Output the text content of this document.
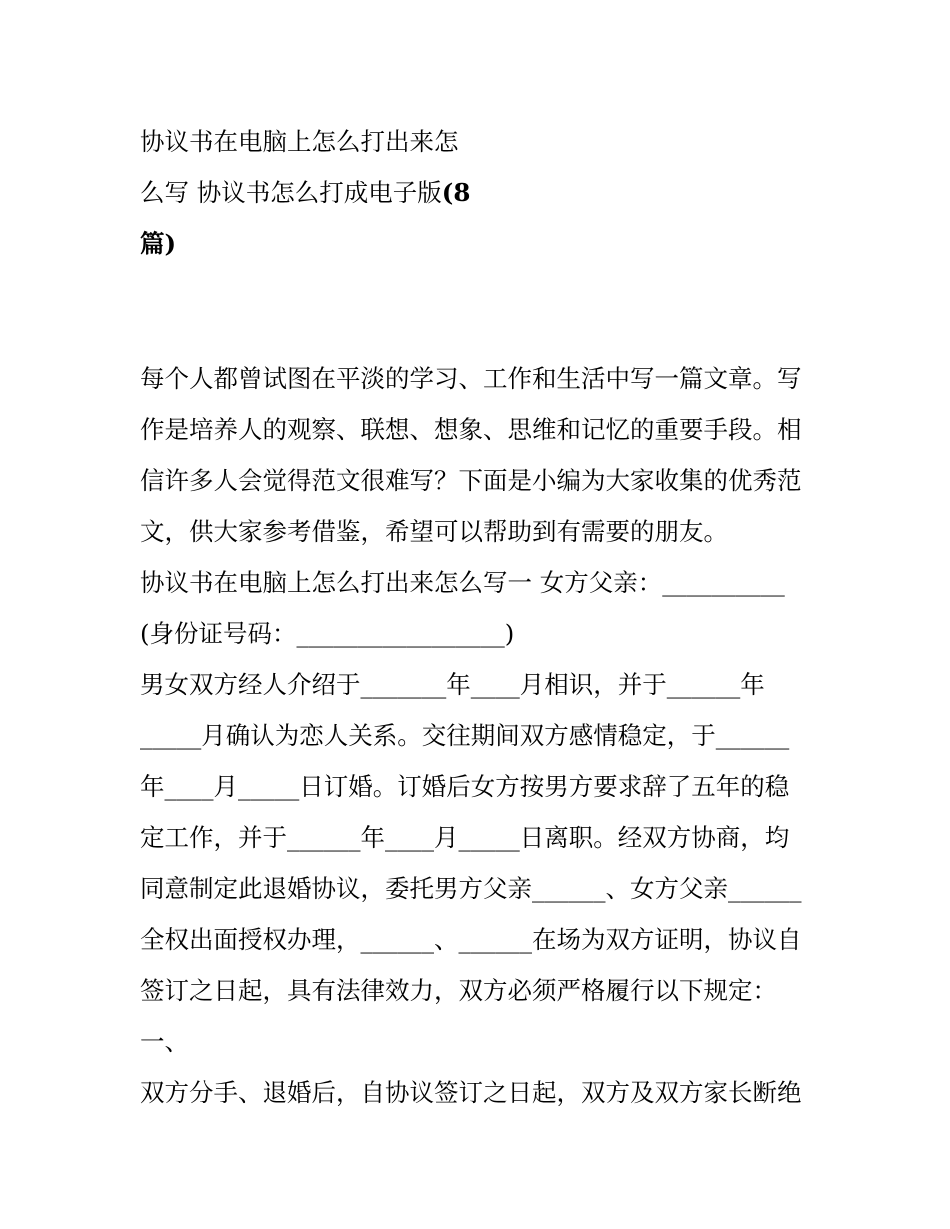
协议书在电脑上怎么打出来怎
么写 协议书怎么打成电子版(8
篇)
每个人都曾试图在平淡的学习、工作和生活中写一篇文章。写
作是培养人的观察、联想、想象、思维和记忆的重要手段。相
信许多人会觉得范文很难写？下面是小编为大家收集的优秀范
文，供大家参考借鉴，希望可以帮助到有需要的朋友。
协议书在电脑上怎么打出来怎么写一 女方父亲：__________
(身份证号码：_________________)
男女双方经人介绍于_______年____月相识，并于______年
_____月确认为恋人关系。交往期间双方感情稳定，于______
年____月_____日订婚。订婚后女方按男方要求辞了五年的稳
定工作，并于______年____月_____日离职。经双方协商，均
同意制定此退婚协议，委托男方父亲______、女方父亲______
全权出面授权办理，______、______在场为双方证明，协议自
签订之日起，具有法律效力，双方必须严格履行以下规定：
一、
双方分手、退婚后，自协议签订之日起，双方及双方家长断绝
